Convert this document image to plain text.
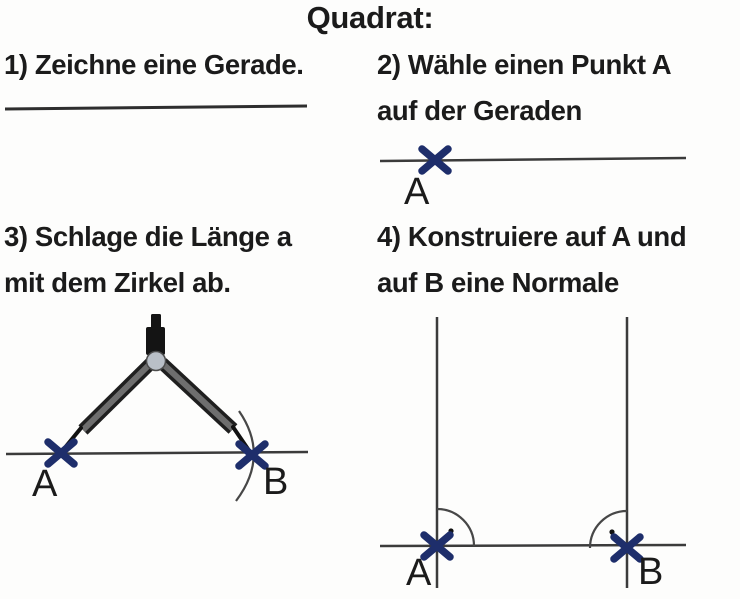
Quadrat:
1) Zeichne eine Gerade.	2) Wähle einen Punkt A
auf der Geraden
3) Schlage die Länge a
mit dem Zirkel ab.
4) Konstruiere auf A und
auf B eine Normale
A
A	B
A	B
